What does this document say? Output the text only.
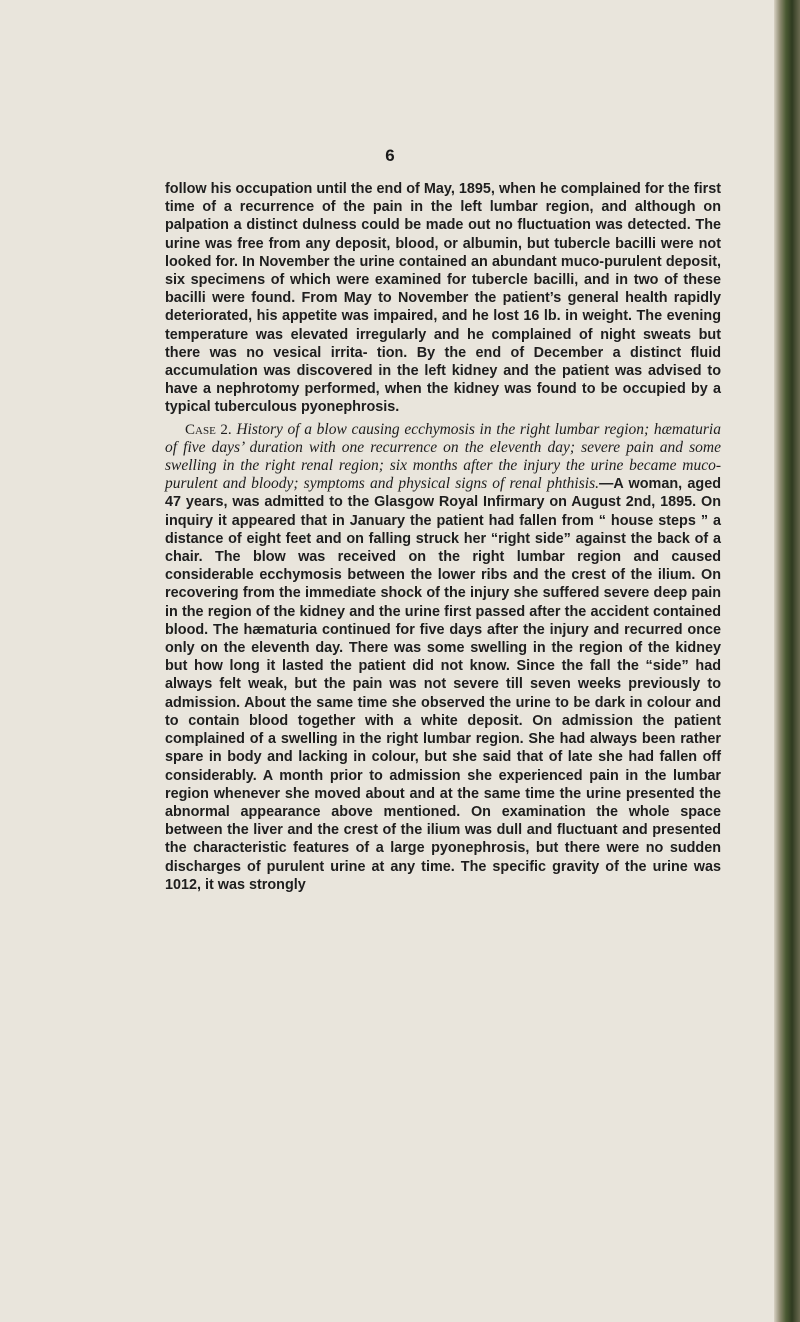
6

follow his occupation until the end of May, 1895, when he complained for the first time of a recurrence of the pain in the left lumbar region, and although on palpation a distinct dulness could be made out no fluctuation was detected. The urine was free from any deposit, blood, or albumin, but tubercle bacilli were not looked for. In November the urine contained an abundant muco-purulent deposit, six specimens of which were examined for tubercle bacilli, and in two of these bacilli were found. From May to November the patient’s general health rapidly deteriorated, his appetite was impaired, and he lost 16 lb. in weight. The evening temperature was elevated irregularly and he complained of night sweats but there was no vesical irrita- tion. By the end of December a distinct fluid accumulation was discovered in the left kidney and the patient was advised to have a nephrotomy performed, when the kidney was found to be occupied by a typical tuberculous pyonephrosis.

Case 2. History of a blow causing ecchymosis in the right lumbar region; hæmaturia of five days’ duration with one recurrence on the eleventh day; severe pain and some swelling in the right renal region; six months after the injury the urine became muco-purulent and bloody; symptoms and physical signs of renal phthisis.—A woman, aged 47 years, was admitted to the Glasgow Royal Infirmary on August 2nd, 1895. On inquiry it appeared that in January the patient had fallen from “ house steps ” a distance of eight feet and on falling struck her “right side” against the back of a chair. The blow was received on the right lumbar region and caused considerable ecchymosis between the lower ribs and the crest of the ilium. On recovering from the immediate shock of the injury she suffered severe deep pain in the region of the kidney and the urine first passed after the accident contained blood. The hæmaturia continued for five days after the injury and recurred once only on the eleventh day. There was some swelling in the region of the kidney but how long it lasted the patient did not know. Since the fall the “side” had always felt weak, but the pain was not severe till seven weeks previously to admission. About the same time she observed the urine to be dark in colour and to contain blood together with a white deposit. On admission the patient complained of a swelling in the right lumbar region. She had always been rather spare in body and lacking in colour, but she said that of late she had fallen off considerably. A month prior to admission she experienced pain in the lumbar region whenever she moved about and at the same time the urine presented the abnormal appearance above mentioned. On examination the whole space between the liver and the crest of the ilium was dull and fluctuant and presented the characteristic features of a large pyonephrosis, but there were no sudden discharges of purulent urine at any time. The specific gravity of the urine was 1012, it was strongly
